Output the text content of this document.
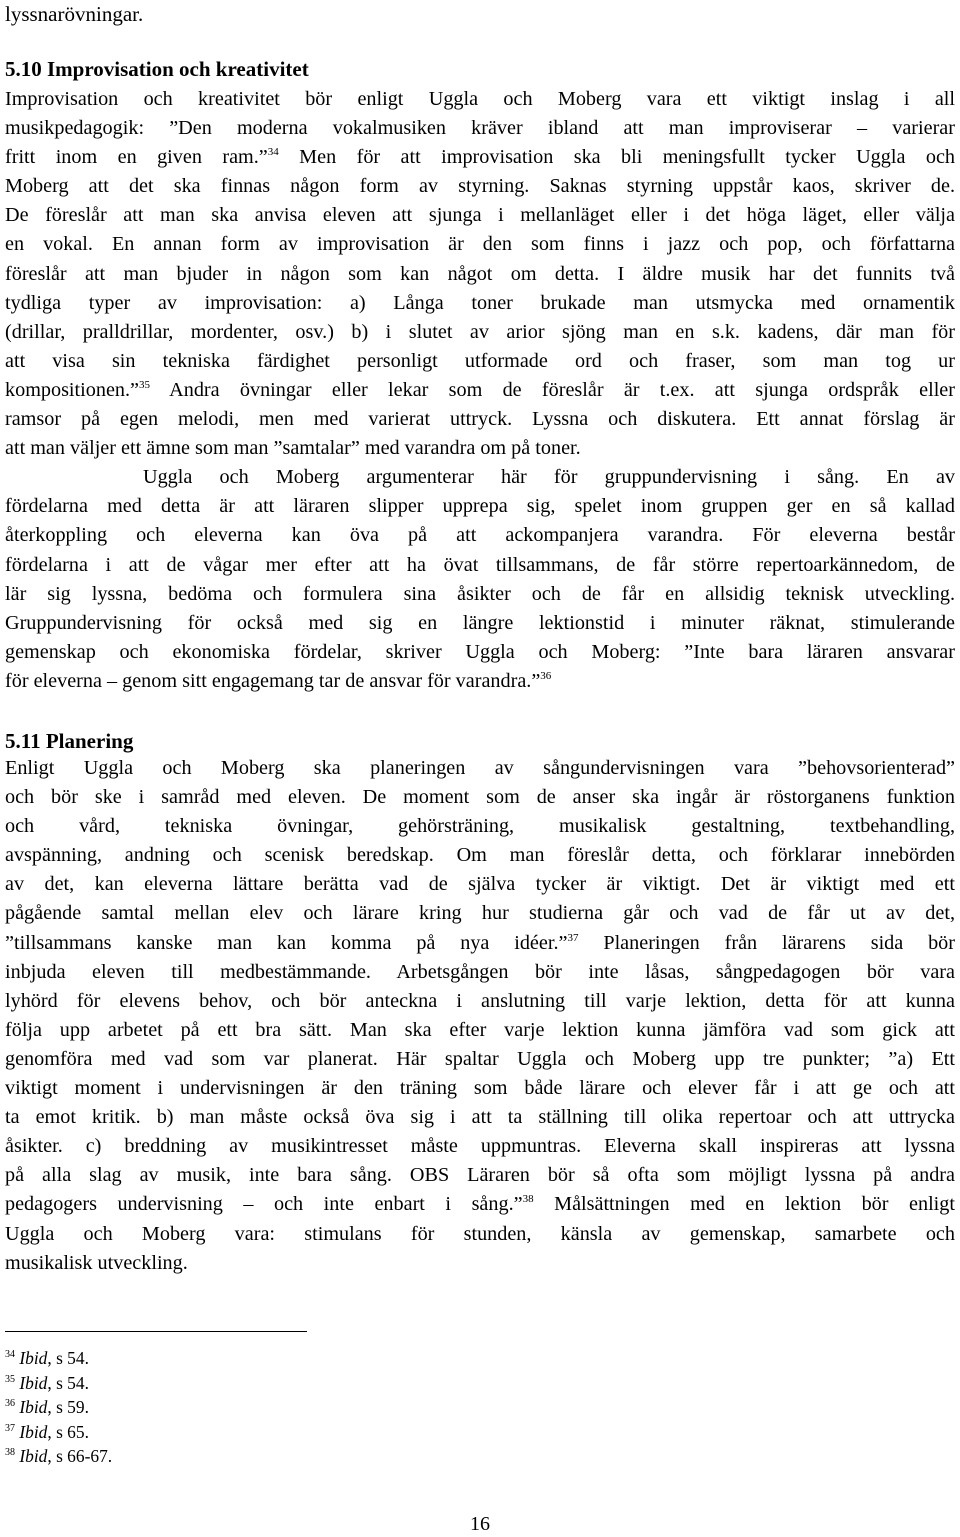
lyssnarövningar.
5.10 Improvisation och kreativitet
Improvisation och kreativitet bör enligt Uggla och Moberg vara ett viktigt inslag i all
musikpedagogik: ”Den moderna vokalmusiken kräver ibland att man improviserar – varierar
fritt inom en given ram.”$^{34}$ Men för att improvisation ska bli meningsfullt tycker Uggla och
Moberg att det ska finnas någon form av styrning. Saknas styrning uppstår kaos, skriver de.
De föreslår att man ska anvisa eleven att sjunga i mellanläget eller i det höga läget, eller välja
en vokal. En annan form av improvisation är den som finns i jazz och pop, och författarna
föreslår att man bjuder in någon som kan något om detta. I äldre musik har det funnits två
tydliga typer av improvisation: a) Långa toner brukade man utsmycka med ornamentik
(drillar, pralldrillar, mordenter, osv.) b) i slutet av arior sjöng man en s.k. kadens, där man för
att visa sin tekniska färdighet personligt utformade ord och fraser, som man tog ur
kompositionen.”$^{35}$ Andra övningar eller lekar som de föreslår är t.ex. att sjunga ordspråk eller
ramsor på egen melodi, men med varierat uttryck. Lyssna och diskutera. Ett annat förslag är
att man väljer ett ämne som man ”samtalar” med varandra om på toner.
Uggla och Moberg argumenterar här för gruppundervisning i sång. En av
fördelarna med detta är att läraren slipper upprepa sig, spelet inom gruppen ger en så kallad
återkoppling och eleverna kan öva på att ackompanjera varandra. För eleverna består
fördelarna i att de vågar mer efter att ha övat tillsammans, de får större repertoarkännedom, de
lär sig lyssna, bedöma och formulera sina åsikter och de får en allsidig teknisk utveckling.
Gruppundervisning för också med sig en längre lektionstid i minuter räknat, stimulerande
gemenskap och ekonomiska fördelar, skriver Uggla och Moberg: ”Inte bara läraren ansvarar
för eleverna – genom sitt engagemang tar de ansvar för varandra.”$^{36}$
5.11 Planering
Enligt Uggla och Moberg ska planeringen av sångundervisningen vara ”behovsorienterad”
och bör ske i samråd med eleven. De moment som de anser ska ingår är röstorganens funktion
och vård, tekniska övningar, gehörsträning, musikalisk gestaltning, textbehandling,
avspänning, andning och scenisk beredskap. Om man föreslår detta, och förklarar innebörden
av det, kan eleverna lättare berätta vad de själva tycker är viktigt. Det är viktigt med ett
pågående samtal mellan elev och lärare kring hur studierna går och vad de får ut av det,
”tillsammans kanske man kan komma på nya idéer.”$^{37}$ Planeringen från lärarens sida bör
inbjuda eleven till medbestämmande. Arbetsgången bör inte låsas, sångpedagogen bör vara
lyhörd för elevens behov, och bör anteckna i anslutning till varje lektion, detta för att kunna
följa upp arbetet på ett bra sätt. Man ska efter varje lektion kunna jämföra vad som gick att
genomföra med vad som var planerat. Här spaltar Uggla och Moberg upp tre punkter; ”a) Ett
viktigt moment i undervisningen är den träning som både lärare och elever får i att ge och att
ta emot kritik. b) man måste också öva sig i att ta ställning till olika repertoar och att uttrycka
åsikter. c) breddning av musikintresset måste uppmuntras. Eleverna skall inspireras att lyssna
på alla slag av musik, inte bara sång. OBS Läraren bör så ofta som möjligt lyssna på andra
pedagogers undervisning – och inte enbart i sång.”$^{38}$ Målsättningen med en lektion bör enligt
Uggla och Moberg vara: stimulans för stunden, känsla av gemenskap, samarbete och
musikalisk utveckling.
$^{34}$ Ibid, s 54.
$^{35}$ Ibid, s 54.
$^{36}$ Ibid, s 59.
$^{37}$ Ibid, s 65.
$^{38}$ Ibid, s 66-67.
16
